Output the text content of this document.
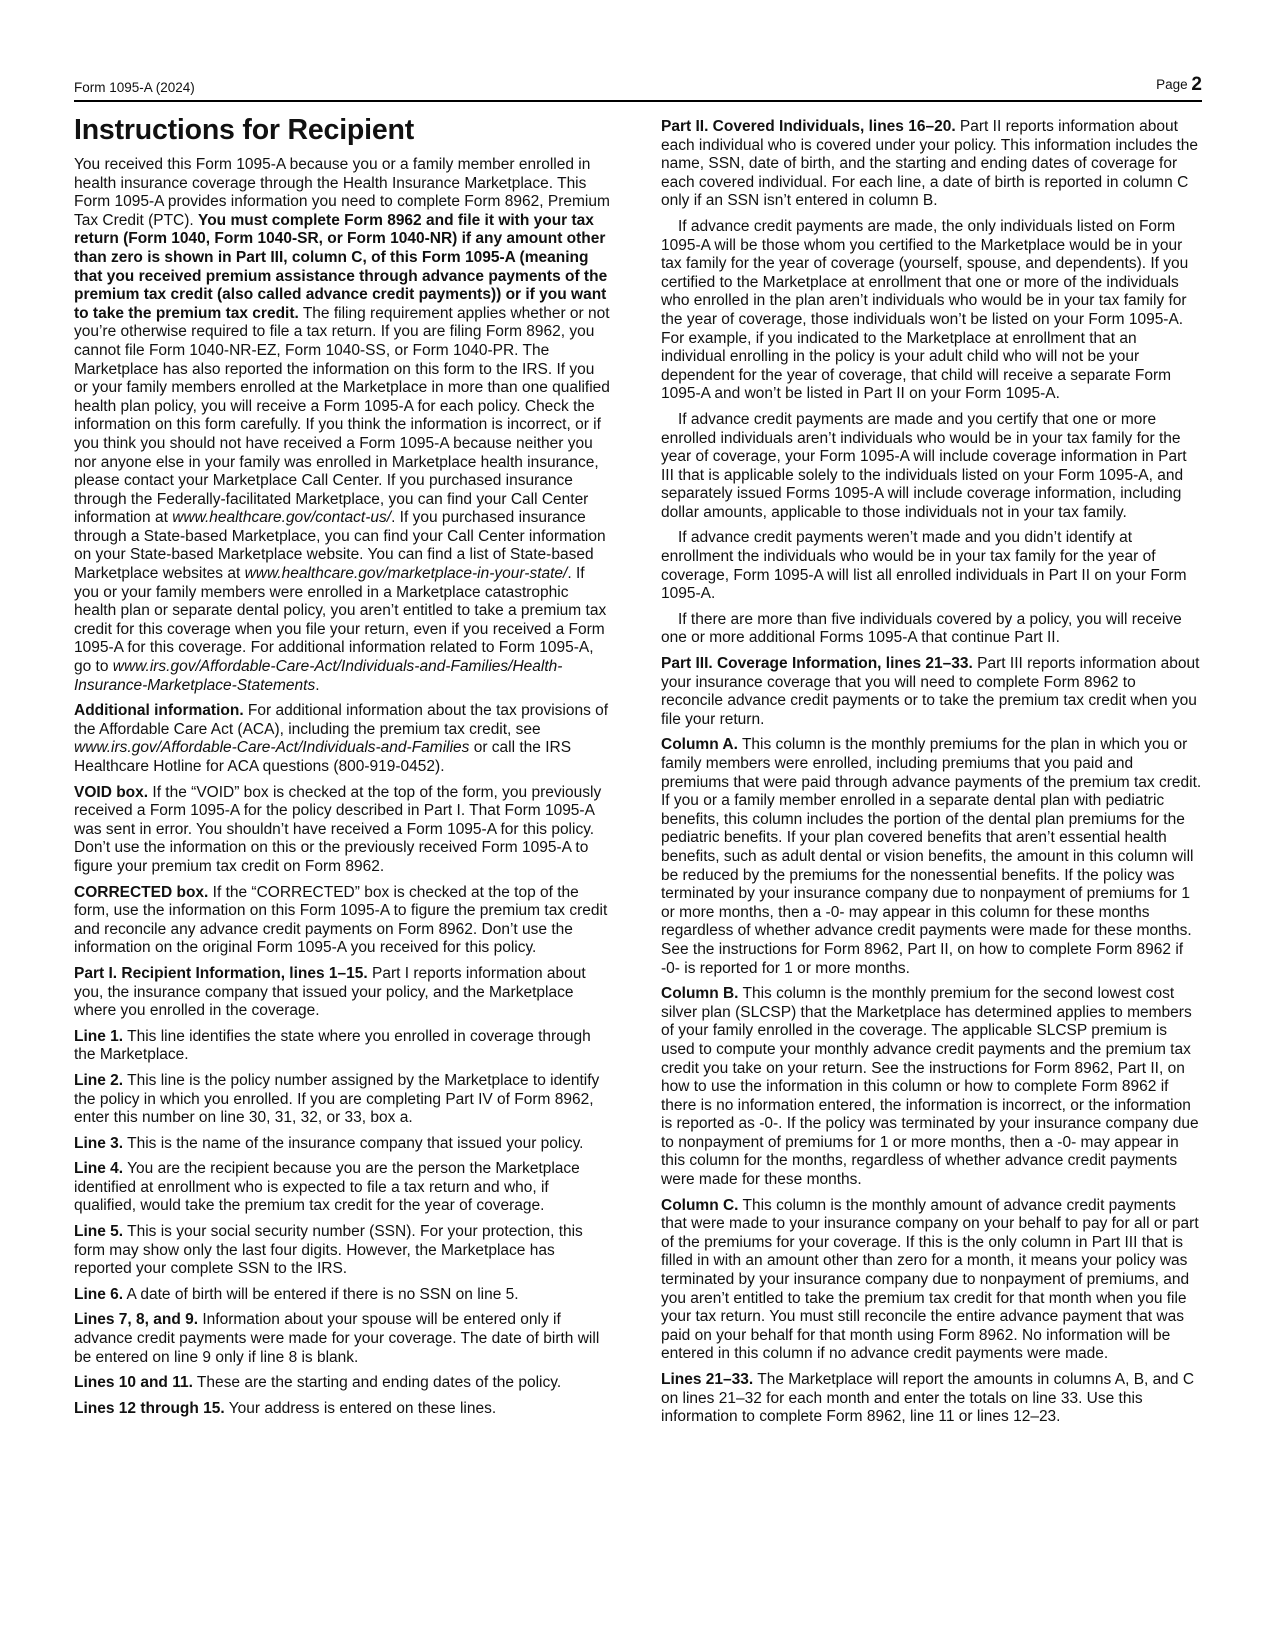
Form 1095-A (2024)	Page 2
Instructions for Recipient

You received this Form 1095-A because you or a family member enrolled in health insurance coverage through the Health Insurance Marketplace. This Form 1095-A provides information you need to complete Form 8962, Premium Tax Credit (PTC). You must complete Form 8962 and file it with your tax return (Form 1040, Form 1040-SR, or Form 1040-NR) if any amount other than zero is shown in Part III, column C, of this Form 1095-A (meaning that you received premium assistance through advance payments of the premium tax credit (also called advance credit payments)) or if you want to take the premium tax credit. The filing requirement applies whether or not you’re otherwise required to file a tax return. If you are filing Form 8962, you cannot file Form 1040-NR-EZ, Form 1040-SS, or Form 1040-PR. The Marketplace has also reported the information on this form to the IRS. If you or your family members enrolled at the Marketplace in more than one qualified health plan policy, you will receive a Form 1095-A for each policy. Check the information on this form carefully. If you think the information is incorrect, or if you think you should not have received a Form 1095-A because neither you nor anyone else in your family was enrolled in Marketplace health insurance, please contact your Marketplace Call Center. If you purchased insurance through the Federally-facilitated Marketplace, you can find your Call Center information at www.healthcare.gov/contact-us/. If you purchased insurance through a State-based Marketplace, you can find your Call Center information on your State-based Marketplace website. You can find a list of State-based Marketplace websites at www.healthcare.gov/marketplace-in-your-state/. If you or your family members were enrolled in a Marketplace catastrophic health plan or separate dental policy, you aren’t entitled to take a premium tax credit for this coverage when you file your return, even if you received a Form 1095-A for this coverage. For additional information related to Form 1095-A, go to www.irs.gov/Affordable-Care-Act/Individuals-and-Families/Health-Insurance-Marketplace-Statements.

Additional information. For additional information about the tax provisions of the Affordable Care Act (ACA), including the premium tax credit, see www.irs.gov/Affordable-Care-Act/Individuals-and-Families or call the IRS Healthcare Hotline for ACA questions (800-919-0452).

VOID box. If the “VOID” box is checked at the top of the form, you previously received a Form 1095-A for the policy described in Part I. That Form 1095-A was sent in error. You shouldn’t have received a Form 1095-A for this policy. Don’t use the information on this or the previously received Form 1095-A to figure your premium tax credit on Form 8962.

CORRECTED box. If the “CORRECTED” box is checked at the top of the form, use the information on this Form 1095-A to figure the premium tax credit and reconcile any advance credit payments on Form 8962. Don’t use the information on the original Form 1095-A you received for this policy.

Part I. Recipient Information, lines 1–15. Part I reports information about you, the insurance company that issued your policy, and the Marketplace where you enrolled in the coverage.

Line 1. This line identifies the state where you enrolled in coverage through the Marketplace.

Line 2. This line is the policy number assigned by the Marketplace to identify the policy in which you enrolled. If you are completing Part IV of Form 8962, enter this number on line 30, 31, 32, or 33, box a.

Line 3. This is the name of the insurance company that issued your policy.

Line 4. You are the recipient because you are the person the Marketplace identified at enrollment who is expected to file a tax return and who, if qualified, would take the premium tax credit for the year of coverage.

Line 5. This is your social security number (SSN). For your protection, this form may show only the last four digits. However, the Marketplace has reported your complete SSN to the IRS.

Line 6. A date of birth will be entered if there is no SSN on line 5.

Lines 7, 8, and 9. Information about your spouse will be entered only if advance credit payments were made for your coverage. The date of birth will be entered on line 9 only if line 8 is blank.

Lines 10 and 11. These are the starting and ending dates of the policy.

Lines 12 through 15. Your address is entered on these lines.

Part II. Covered Individuals, lines 16–20. Part II reports information about each individual who is covered under your policy. This information includes the name, SSN, date of birth, and the starting and ending dates of coverage for each covered individual. For each line, a date of birth is reported in column C only if an SSN isn’t entered in column B.

If advance credit payments are made, the only individuals listed on Form 1095-A will be those whom you certified to the Marketplace would be in your tax family for the year of coverage (yourself, spouse, and dependents). If you certified to the Marketplace at enrollment that one or more of the individuals who enrolled in the plan aren’t individuals who would be in your tax family for the year of coverage, those individuals won’t be listed on your Form 1095-A. For example, if you indicated to the Marketplace at enrollment that an individual enrolling in the policy is your adult child who will not be your dependent for the year of coverage, that child will receive a separate Form 1095-A and won’t be listed in Part II on your Form 1095-A.

If advance credit payments are made and you certify that one or more enrolled individuals aren’t individuals who would be in your tax family for the year of coverage, your Form 1095-A will include coverage information in Part III that is applicable solely to the individuals listed on your Form 1095-A, and separately issued Forms 1095-A will include coverage information, including dollar amounts, applicable to those individuals not in your tax family.

If advance credit payments weren’t made and you didn’t identify at enrollment the individuals who would be in your tax family for the year of coverage, Form 1095-A will list all enrolled individuals in Part II on your Form 1095-A.

If there are more than five individuals covered by a policy, you will receive one or more additional Forms 1095-A that continue Part II.

Part III. Coverage Information, lines 21–33. Part III reports information about your insurance coverage that you will need to complete Form 8962 to reconcile advance credit payments or to take the premium tax credit when you file your return.

Column A. This column is the monthly premiums for the plan in which you or family members were enrolled, including premiums that you paid and premiums that were paid through advance payments of the premium tax credit. If you or a family member enrolled in a separate dental plan with pediatric benefits, this column includes the portion of the dental plan premiums for the pediatric benefits. If your plan covered benefits that aren’t essential health benefits, such as adult dental or vision benefits, the amount in this column will be reduced by the premiums for the nonessential benefits. If the policy was terminated by your insurance company due to nonpayment of premiums for 1 or more months, then a -0- may appear in this column for these months regardless of whether advance credit payments were made for these months. See the instructions for Form 8962, Part II, on how to complete Form 8962 if -0- is reported for 1 or more months.

Column B. This column is the monthly premium for the second lowest cost silver plan (SLCSP) that the Marketplace has determined applies to members of your family enrolled in the coverage. The applicable SLCSP premium is used to compute your monthly advance credit payments and the premium tax credit you take on your return. See the instructions for Form 8962, Part II, on how to use the information in this column or how to complete Form 8962 if there is no information entered, the information is incorrect, or the information is reported as -0-. If the policy was terminated by your insurance company due to nonpayment of premiums for 1 or more months, then a -0- may appear in this column for the months, regardless of whether advance credit payments were made for these months.

Column C. This column is the monthly amount of advance credit payments that were made to your insurance company on your behalf to pay for all or part of the premiums for your coverage. If this is the only column in Part III that is filled in with an amount other than zero for a month, it means your policy was terminated by your insurance company due to nonpayment of premiums, and you aren’t entitled to take the premium tax credit for that month when you file your tax return. You must still reconcile the entire advance payment that was paid on your behalf for that month using Form 8962. No information will be entered in this column if no advance credit payments were made.

Lines 21–33. The Marketplace will report the amounts in columns A, B, and C on lines 21–32 for each month and enter the totals on line 33. Use this information to complete Form 8962, line 11 or lines 12–23.
